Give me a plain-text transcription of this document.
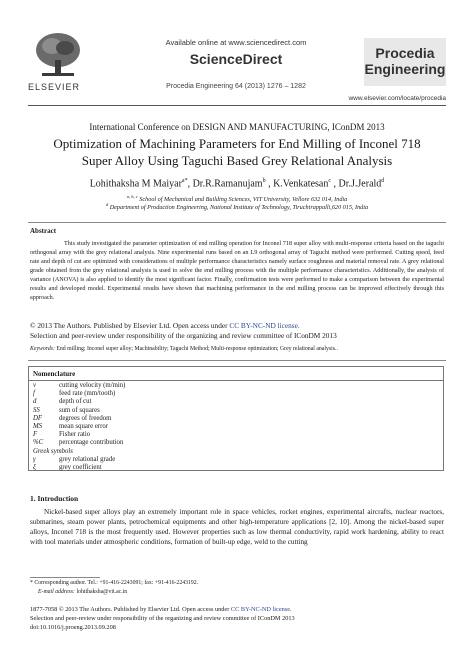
ELSEVIER
Available online at www.sciencedirect.com
ScienceDirect
Procedia Engineering 64 (2013) 1276 – 1282
Procedia
Engineering
www.elsevier.com/locate/procedia
International Conference on DESIGN AND MANUFACTURING, IConDM 2013
Optimization of Machining Parameters for End Milling of Inconel 718
Super Alloy Using Taguchi Based Grey Relational Analysis
Lohithaksha M Maiyar$^{a*}$, Dr.R.Ramanujam$^b$ , K.Venkatesan$^c$ , Dr.J.Jerald$^d$
$^{a, b, c}$ School of Mechanical and Building Sciences, VIT University, Vellore 632 014, India
$^d$ Department of Production Engineering, National Institute of Technology, Tiruchirappalli,620 015, India
Abstract
This study investigated the parameter optimization of end milling operation for Inconel 718 super alloy with multi-response criteria based on the taguchi orthogonal array with the grey relational analysis. Nine experimental runs based on an L9 orthogonal array of Taguchi method were performed. Cutting speed, feed rate and depth of cut are optimized with considerations of multiple performance characteristics namely surface roughness and material removal rate. A grey relational grade obtained from the grey relational analysis is used to solve the end milling process with the multiple performance characteristics. Additionally, the analysis of variance (ANOVA) is also applied to identify the most significant factor. Finally, confirmation tests were performed to make a comparison between the experimental results and developed model. Experimental results have shown that machining performance in the end milling process can be improved effectively through this approach.
© 2013 The Authors. Published by Elsevier Ltd. Open access under CC BY-NC-ND license.
Selection and peer-review under responsibility of the organizing and review committee of IConDM 2013
Keywords: End milling; Inconel super alloy; Machinability; Taguchi Method; Multi-response optimization; Grey relational analysis..
Nomenclature
v	cutting velocity (m/min)
f	feed rate (mm/tooth)
d	depth of cut
SS	sum of squares
DF degrees of freedom
MS mean square error
F	Fisher ratio
%C percentage contribution
Greek symbols
γ	grey relational grade
ξ	grey coefficient
1. Introduction
Nickel-based super alloys play an extremely important role in space vehicles, rocket engines, experimental aircrafts, nuclear reactors, submarines, steam power plants, petrochemical equipments and other high-temperature applications [2, 10]. Among the nickel-based super alloys, Inconel 718 is the most frequently used. However properties such as low thermal conductivity, rapid work hardening, ability to react with tool materials under atmospheric conditions, formation of built-up edge, weld to the cutting
* Corresponding author. Tel.: +91-416-2243091; fax: +91-416-2243192.
E-mail address: lohithaksha@vit.ac.in
1877-7058 © 2013 The Authors. Published by Elsevier Ltd. Open access under CC BY-NC-ND license.
Selection and peer-review under responsibility of the organizing and review committee of IConDM 2013
doi:10.1016/j.proeng.2013.09.208
